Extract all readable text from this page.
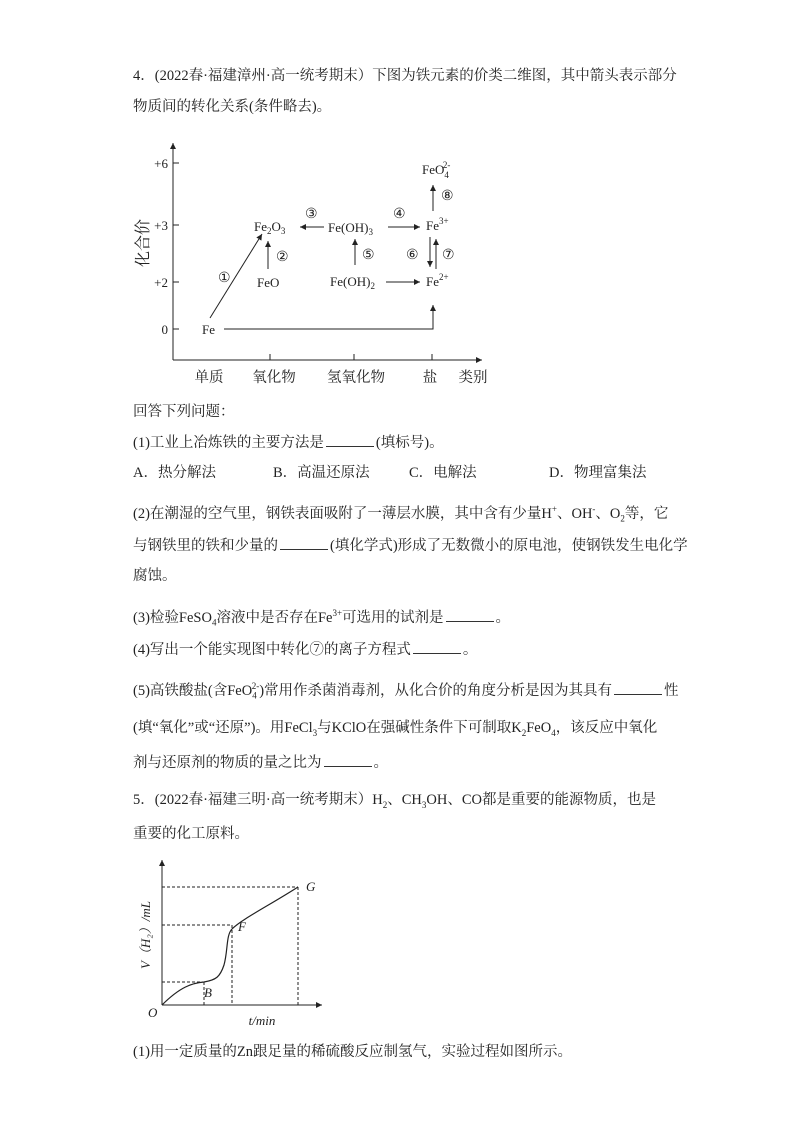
4．(2022春·福建漳州·高一统考期末）下图为铁元素的价类二维图，其中箭头表示部分
物质间的转化关系(条件略去)。
化合价
+6
+3
+2
0
单质 氧化物 氢氧化物	盐 类别
Fe
FeO
$Fe_2O_3$	$Fe(OH)_3$
$Fe(OH)_2$
$Fe^{3+}$
$Fe^{2+}$
FeO$_4$2-
①
②
③	④
⑤ ⑥ ⑦
⑧
回答下列问题：
(1)工业上冶炼铁的主要方法是	(填标号)。
A．热分解法	B．高温还原法	C．电解法	D．物理富集法
(2)在潮湿的空气里，钢铁表面吸附了一薄层水膜，其中含有少量H+、OH-、$O_2$等，它
与钢铁里的铁和少量的	(填化学式)形成了无数微小的原电池，使钢铁发生电化学
腐蚀。
(3)检验FeSO$_4$溶液中是否存在$Fe^{3+}$可选用的试剂是	。
(4)写出一个能实现图中转化⑦的离子方程式	。
(5)高铁酸盐(含FeO$_4^{2-}$)常用作杀菌消毒剂，从化合价的角度分析是因为其具有	性
(填“氧化”或“还原”)。用FeCl$_3$与KClO在强碱性条件下可制取$K_2FeO_4$，该反应中氧化
剂与还原剂的物质的量之比为	。
5．(2022春·福建三明·高一统考期末）$H_2$、$CH_3OH$、CO都是重要的能源物质，也是
重要的化工原料。
V（H₂）/mL
t/min
O
B
F
G
(1)用一定质量的Zn跟足量的稀硫酸反应制氢气，实验过程如图所示。
